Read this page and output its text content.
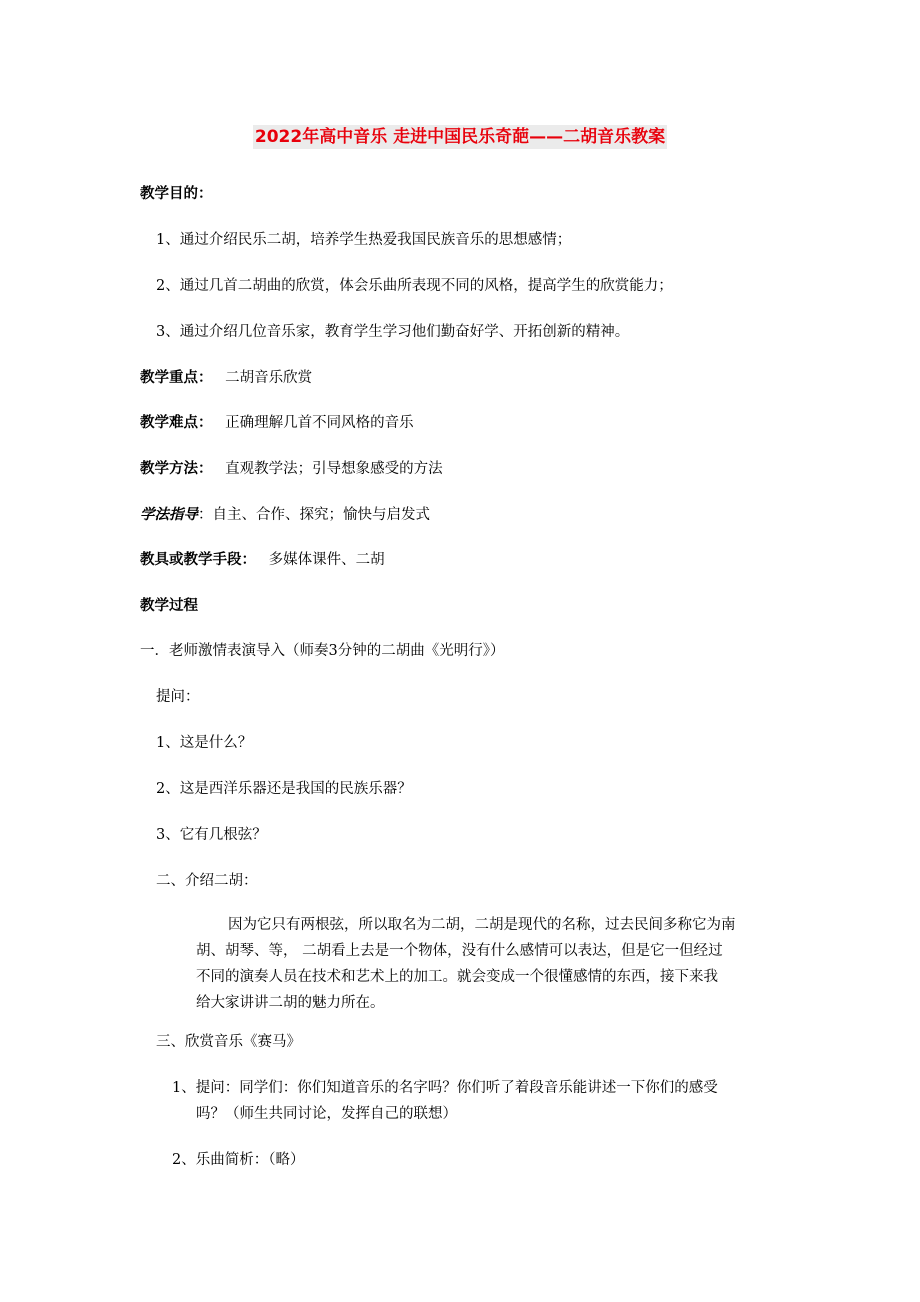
2022年高中音乐 走进中国民乐奇葩——二胡音乐教案
教学目的：
1、通过介绍民乐二胡，培养学生热爱我国民族音乐的思想感情；
2、通过几首二胡曲的欣赏，体会乐曲所表现不同的风格，提高学生的欣赏能力；
3、通过介绍几位音乐家，教育学生学习他们勤奋好学、开拓创新的精神。
教学重点： 二胡音乐欣赏
教学难点： 正确理解几首不同风格的音乐
教学方法： 直观教学法；引导想象感受的方法
学法指导：自主、合作、探究；愉快与启发式
教具或教学手段： 多媒体课件、二胡
教学过程
一．老师激情表演导入（师奏3分钟的二胡曲《光明行》）
提问：
1、这是什么？
2、这是西洋乐器还是我国的民族乐器？
3、它有几根弦？
二、介绍二胡：
因为它只有两根弦，所以取名为二胡，二胡是现代的名称，过去民间多称它为南
胡、胡琴、等， 二胡看上去是一个物体，没有什么感情可以表达，但是它一但经过
不同的演奏人员在技术和艺术上的加工。就会变成一个很懂感情的东西，接下来我
给大家讲讲二胡的魅力所在。
三、欣赏音乐《赛马》
1、提问：同学们：你们知道音乐的名字吗？你们听了着段音乐能讲述一下你们的感受
吗？（师生共同讨论，发挥自己的联想）
2、乐曲简析：（略）
